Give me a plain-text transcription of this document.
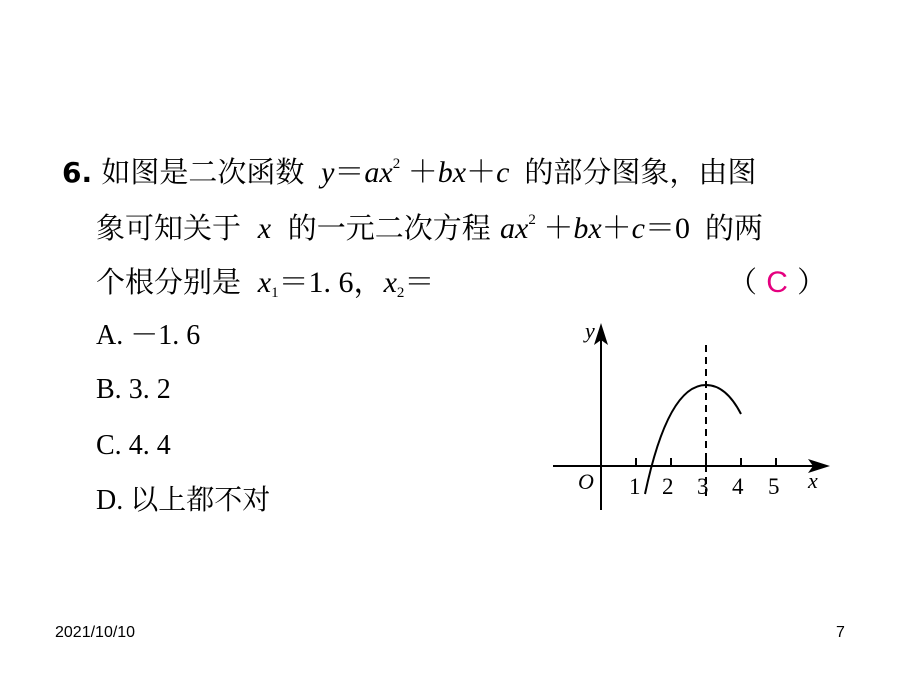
6. 如图是二次函数  $y=ax^2 +bx+c$  的部分图象，由图
象可知关于  x  的一元二次方程 $ax^2 +bx+c=0$ 的两
个根分别是  $x_1=1$. 6，$x_2=$	（ C ）
A. －1. 6
B. 3. 2
C. 4. 4
D. 以上都不对
y
x
O 1 2 3 4 5
2021/10/10	7
